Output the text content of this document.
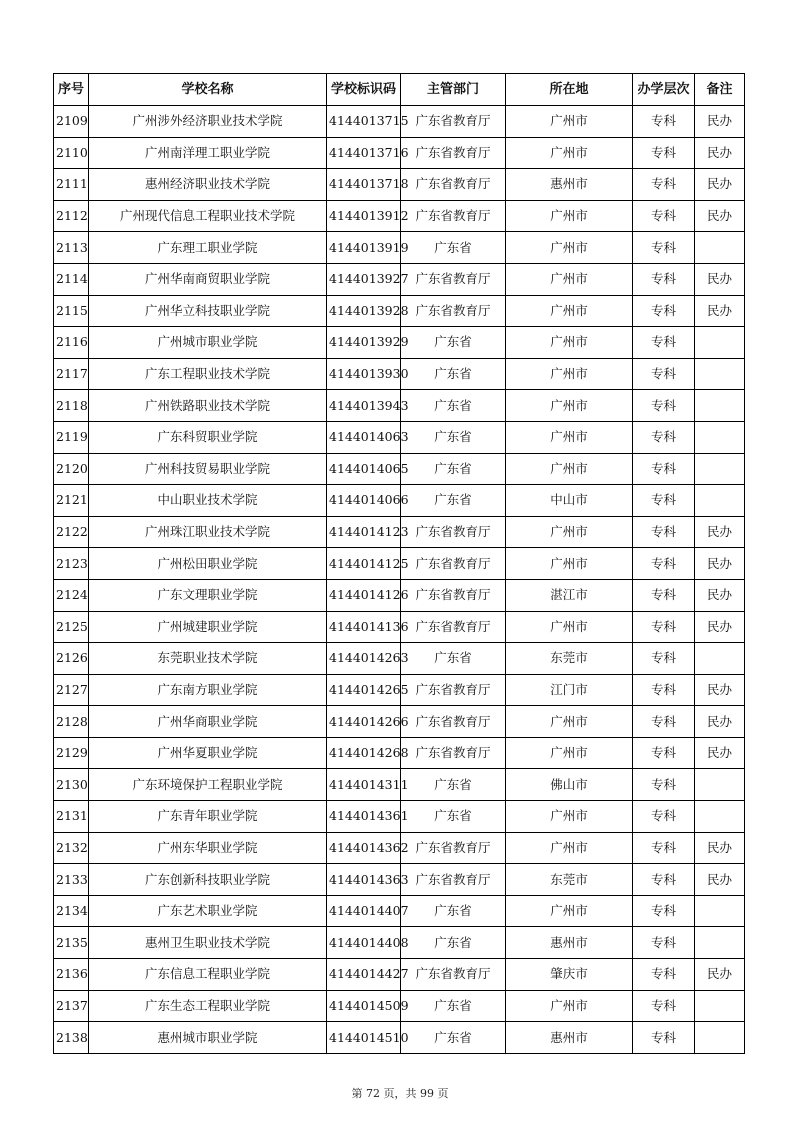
序号	学校名称	学校标识码	主管部门	所在地	办学层次	备注
2109	广州涉外经济职业技术学院	4144013715	广东省教育厅	广州市	专科	民办
2110	广州南洋理工职业学院	4144013716	广东省教育厅	广州市	专科	民办
2111	惠州经济职业技术学院	4144013718	广东省教育厅	惠州市	专科	民办
2112	广州现代信息工程职业技术学院	4144013912	广东省教育厅	广州市	专科	民办
2113	广东理工职业学院	4144013919	广东省	广州市	专科	
2114	广州华南商贸职业学院	4144013927	广东省教育厅	广州市	专科	民办
2115	广州华立科技职业学院	4144013928	广东省教育厅	广州市	专科	民办
2116	广州城市职业学院	4144013929	广东省	广州市	专科	
2117	广东工程职业技术学院	4144013930	广东省	广州市	专科	
2118	广州铁路职业技术学院	4144013943	广东省	广州市	专科	
2119	广东科贸职业学院	4144014063	广东省	广州市	专科	
2120	广州科技贸易职业学院	4144014065	广东省	广州市	专科	
2121	中山职业技术学院	4144014066	广东省	中山市	专科	
2122	广州珠江职业技术学院	4144014123	广东省教育厅	广州市	专科	民办
2123	广州松田职业学院	4144014125	广东省教育厅	广州市	专科	民办
2124	广东文理职业学院	4144014126	广东省教育厅	湛江市	专科	民办
2125	广州城建职业学院	4144014136	广东省教育厅	广州市	专科	民办
2126	东莞职业技术学院	4144014263	广东省	东莞市	专科	
2127	广东南方职业学院	4144014265	广东省教育厅	江门市	专科	民办
2128	广州华商职业学院	4144014266	广东省教育厅	广州市	专科	民办
2129	广州华夏职业学院	4144014268	广东省教育厅	广州市	专科	民办
2130	广东环境保护工程职业学院	4144014311	广东省	佛山市	专科	
2131	广东青年职业学院	4144014361	广东省	广州市	专科	
2132	广州东华职业学院	4144014362	广东省教育厅	广州市	专科	民办
2133	广东创新科技职业学院	4144014363	广东省教育厅	东莞市	专科	民办
2134	广东艺术职业学院	4144014407	广东省	广州市	专科	
2135	惠州卫生职业技术学院	4144014408	广东省	惠州市	专科	
2136	广东信息工程职业学院	4144014427	广东省教育厅	肇庆市	专科	民办
2137	广东生态工程职业学院	4144014509	广东省	广州市	专科	
2138	惠州城市职业学院	4144014510	广东省	惠州市	专科	
第 72 页，共 99 页
